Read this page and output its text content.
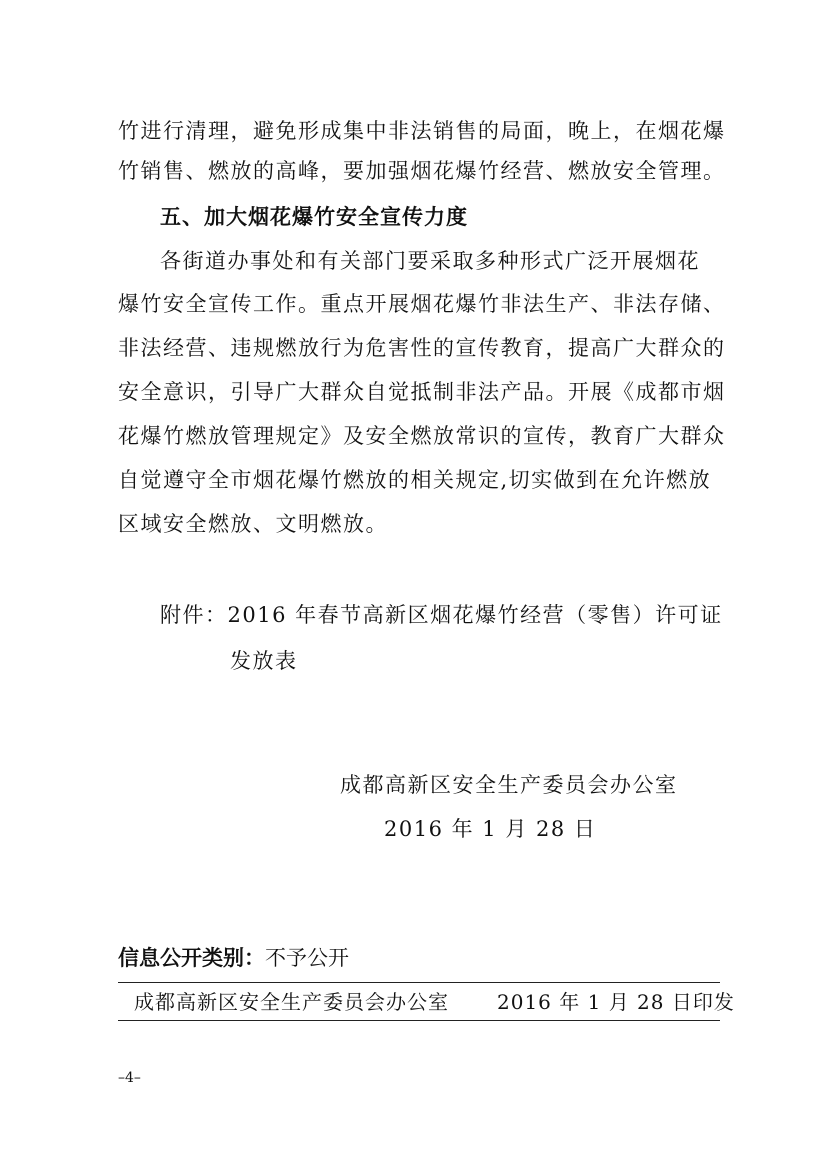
竹进行清理，避免形成集中非法销售的局面，晚上，在烟花爆
竹销售、燃放的高峰，要加强烟花爆竹经营、燃放安全管理。
五、加大烟花爆竹安全宣传力度
各街道办事处和有关部门要采取多种形式广泛开展烟花
爆竹安全宣传工作。重点开展烟花爆竹非法生产、非法存储、
非法经营、违规燃放行为危害性的宣传教育，提高广大群众的
安全意识，引导广大群众自觉抵制非法产品。开展《成都市烟
花爆竹燃放管理规定》及安全燃放常识的宣传，教育广大群众
自觉遵守全市烟花爆竹燃放的相关规定,切实做到在允许燃放
区域安全燃放、文明燃放。
附件：2016 年春节高新区烟花爆竹经营（零售）许可证
发放表
成都高新区安全生产委员会办公室
2016 年 1 月 28 日
信息公开类别：不予公开
成都高新区安全生产委员会办公室 2016 年 1 月 28 日印发
–4–
